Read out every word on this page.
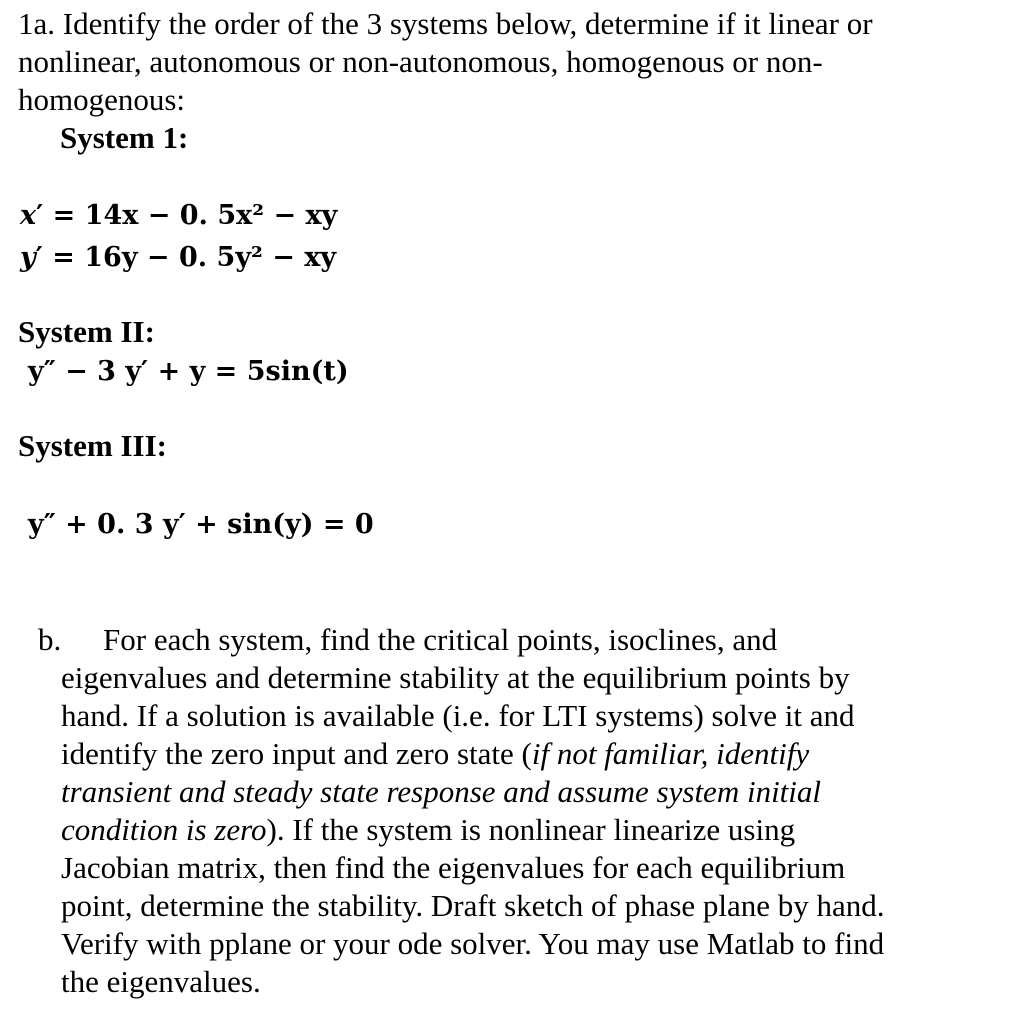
1a. Identify the order of the 3 systems below, determine if it linear or
nonlinear, autonomous or non-autonomous, homogenous or non-
homogenous:
System 1:
x′ = 14x − 0. 5x² − xy
y′ = 16y − 0. 5y² − xy
System II:
y″ − 3 y′ + y = 5sin(t)
System III:
y″ + 0. 3 y′ + sin(y) = 0
b. For each system, find the critical points, isoclines, and
eigenvalues and determine stability at the equilibrium points by
hand. If a solution is available (i.e. for LTI systems) solve it and
identify the zero input and zero state (if not familiar, identify
transient and steady state response and assume system initial
condition is zero). If the system is nonlinear linearize using
Jacobian matrix, then find the eigenvalues for each equilibrium
point, determine the stability. Draft sketch of phase plane by hand.
Verify with pplane or your ode solver. You may use Matlab to find
the eigenvalues.
